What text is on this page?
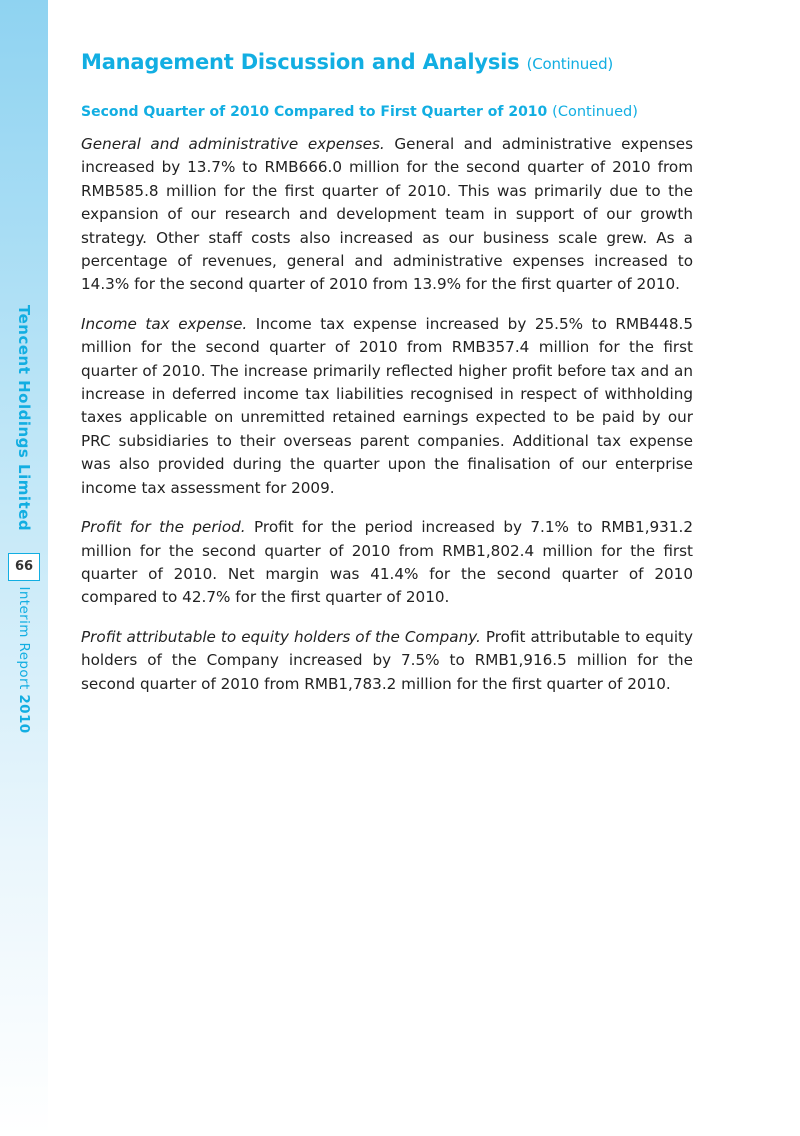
Tencent Holdings Limited
66
Interim Report 2010
Management Discussion and Analysis (Continued)
Second Quarter of 2010 Compared to First Quarter of 2010 (Continued)

General and administrative expenses. General and administrative expenses increased by 13.7% to RMB666.0 million for the second quarter of 2010 from RMB585.8 million for the first quarter of 2010. This was primarily due to the expansion of our research and development team in support of our growth strategy. Other staff costs also increased as our business scale grew. As a percentage of revenues, general and administrative expenses increased to 14.3% for the second quarter of 2010 from 13.9% for the first quarter of 2010.

Income tax expense. Income tax expense increased by 25.5% to RMB448.5 million for the second quarter of 2010 from RMB357.4 million for the first quarter of 2010. The increase primarily reflected higher profit before tax and an increase in deferred income tax liabilities recognised in respect of withholding taxes applicable on unremitted retained earnings expected to be paid by our PRC subsidiaries to their overseas parent companies. Additional tax expense was also provided during the quarter upon the finalisation of our enterprise income tax assessment for 2009.

Profit for the period. Profit for the period increased by 7.1% to RMB1,931.2 million for the second quarter of 2010 from RMB1,802.4 million for the first quarter of 2010. Net margin was 41.4% for the second quarter of 2010 compared to 42.7% for the first quarter of 2010.

Profit attributable to equity holders of the Company. Profit attributable to equity holders of the Company increased by 7.5% to RMB1,916.5 million for the second quarter of 2010 from RMB1,783.2 million for the first quarter of 2010.
